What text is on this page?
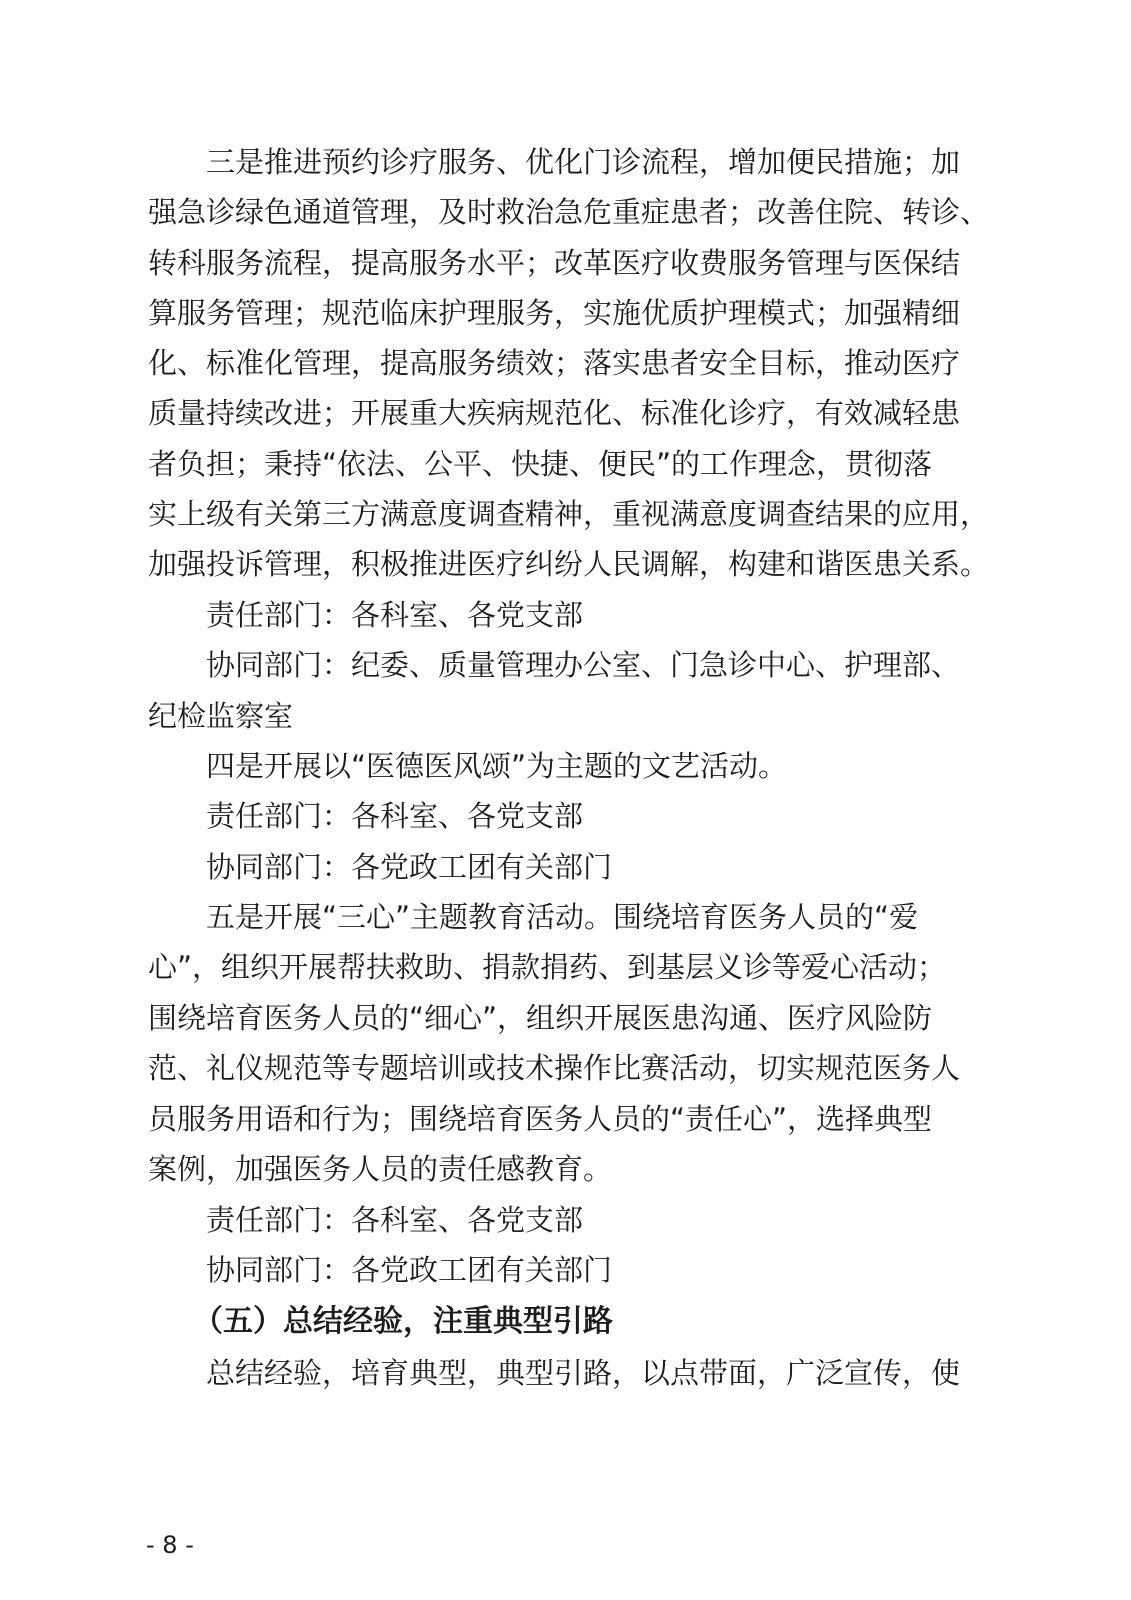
　　三是推进预约诊疗服务、优化门诊流程，增加便民措施；加
强急诊绿色通道管理，及时救治急危重症患者；改善住院、转诊、
转科服务流程，提高服务水平；改革医疗收费服务管理与医保结
算服务管理；规范临床护理服务，实施优质护理模式；加强精细
化、标准化管理，提高服务绩效；落实患者安全目标，推动医疗
质量持续改进；开展重大疾病规范化、标准化诊疗，有效减轻患
者负担；秉持“依法、公平、快捷、便民”的工作理念，贯彻落
实上级有关第三方满意度调查精神，重视满意度调查结果的应用，
加强投诉管理，积极推进医疗纠纷人民调解，构建和谐医患关系。
　　责任部门：各科室、各党支部
　　协同部门：纪委、质量管理办公室、门急诊中心、护理部、
纪检监察室
　　四是开展以“医德医风颂”为主题的文艺活动。
　　责任部门：各科室、各党支部
　　协同部门：各党政工团有关部门
　　五是开展“三心”主题教育活动。围绕培育医务人员的“爱
心”，组织开展帮扶救助、捐款捐药、到基层义诊等爱心活动；
围绕培育医务人员的“细心”，组织开展医患沟通、医疗风险防
范、礼仪规范等专题培训或技术操作比赛活动，切实规范医务人
员服务用语和行为；围绕培育医务人员的“责任心”，选择典型
案例，加强医务人员的责任感教育。
　　责任部门：各科室、各党支部
　　协同部门：各党政工团有关部门
　　（五）总结经验，注重典型引路
　　总结经验，培育典型，典型引路，以点带面，广泛宣传，使
- 8 -
